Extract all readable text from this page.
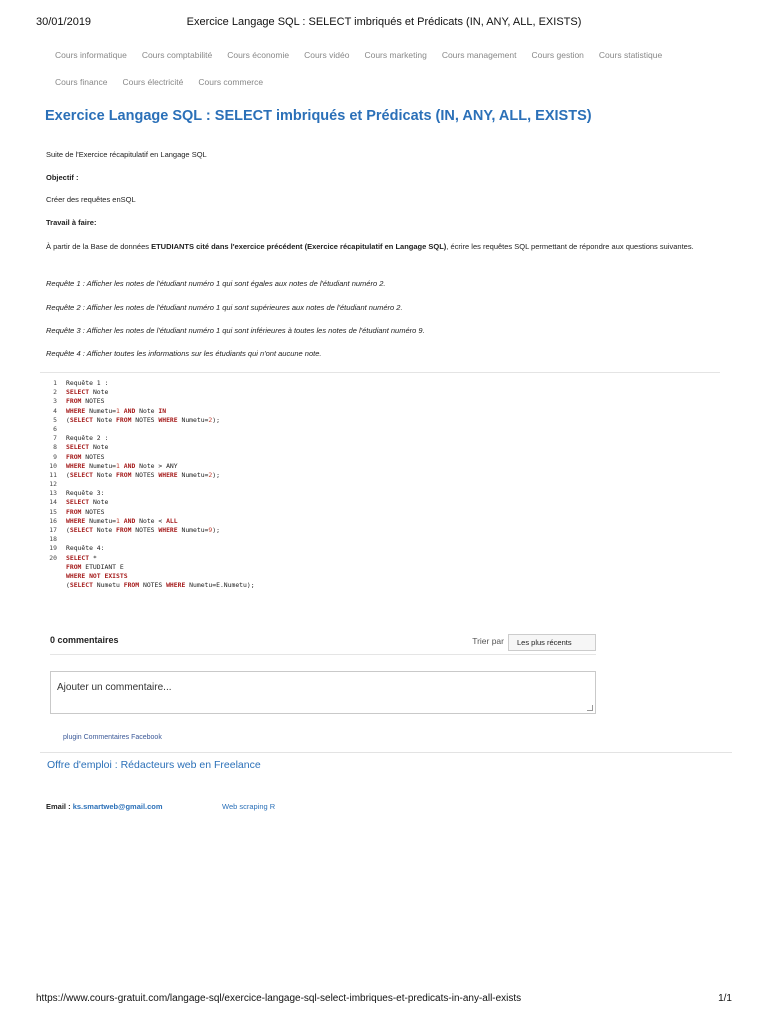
30/01/2019	Exercice Langage SQL : SELECT imbriqués et Prédicats (IN, ANY, ALL, EXISTS)
Cours informatique Cours comptabilité Cours économie Cours vidéo Cours marketing Cours management Cours gestion Cours statistique
Cours finance Cours électricité Cours commerce
Exercice Langage SQL : SELECT imbriqués et Prédicats (IN, ANY, ALL, EXISTS)

Suite de l'Exercice récapitulatif en Langage SQL

Objectif :

Créer des requêtes enSQL

Travail à faire:

À partir de la Base de données ETUDIANTS cité dans l'exercice précédent (Exercice récapitulatif en Langage SQL), écrire les requêtes SQL permettant de répondre aux questions suivantes.

Requête 1 : Afficher les notes de l'étudiant numéro 1 qui sont égales aux notes de l'étudiant numéro 2.

Requête 2 : Afficher les notes de l'étudiant numéro 1 qui sont supérieures aux notes de l'étudiant numéro 2.

Requête 3 : Afficher les notes de l'étudiant numéro 1 qui sont inférieures à toutes les notes de l'étudiant numéro 9.

Requête 4 : Afficher toutes les informations sur les étudiants qui n'ont aucune note.

1 Requête 1 :
2 SELECT Note
3 FROM NOTES
4 WHERE Numetu=1 AND Note IN
5 (SELECT Note FROM NOTES WHERE Numetu=2);
6
7 Requête 2 :
8 SELECT Note
9 FROM NOTES
10 WHERE Numetu=1 AND Note > ANY
11 (SELECT Note FROM NOTES WHERE Numetu=2);
12
13 Requête 3:
14 SELECT Note
15 FROM NOTES
16 WHERE Numetu=1 AND Note < ALL
17 (SELECT Note FROM NOTES WHERE Numetu=9);
18
19 Requête 4:
20 SELECT *
FROM ETUDIANT E
WHERE NOT EXISTS
(SELECT Numetu FROM NOTES WHERE Numetu=E.Numetu);
0 commentaires	Trier par	Les plus récents
Ajouter un commentaire...
plugin Commentaires Facebook
Offre d'emploi : Rédacteurs web en Freelance
Email : ks.smartweb@gmail.com	Web scraping R
https://www.cours-gratuit.com/langage-sql/exercice-langage-sql-select-imbriques-et-predicats-in-any-all-exists	1/1
